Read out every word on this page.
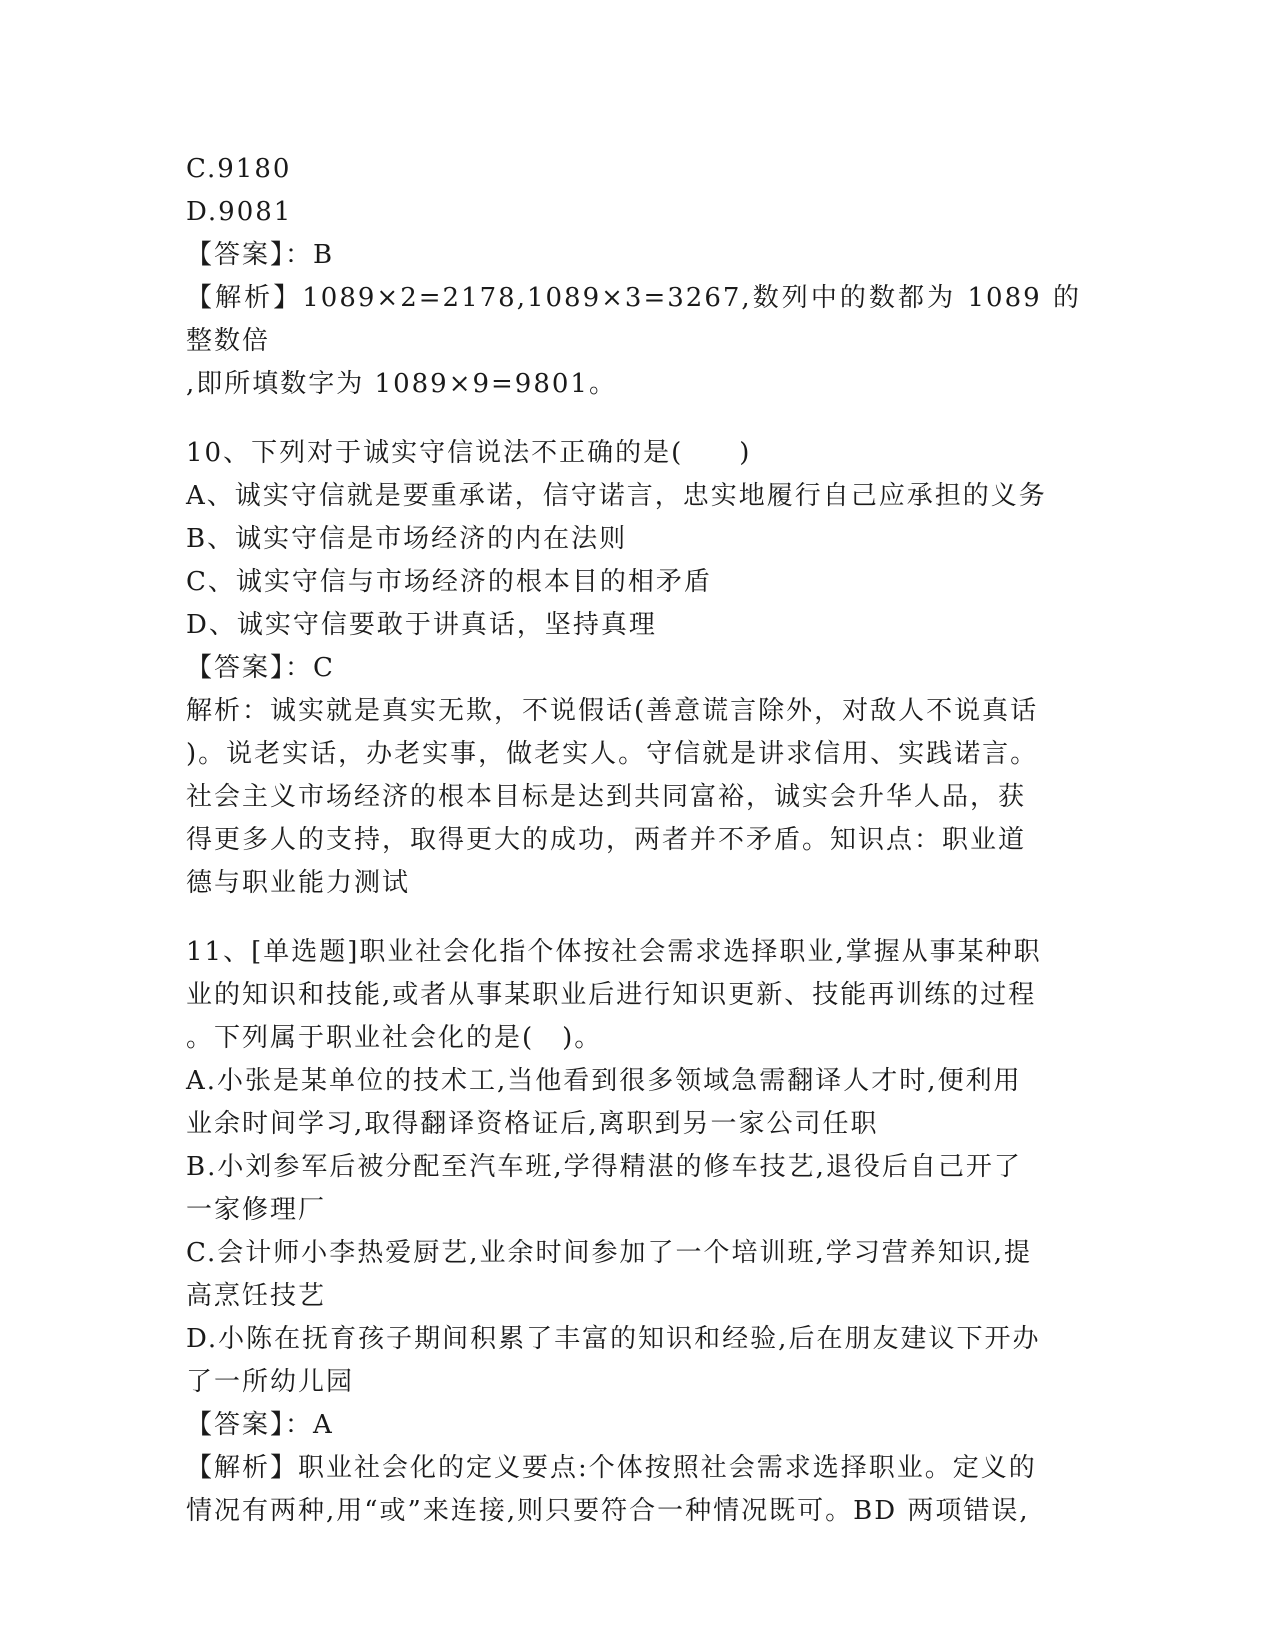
C.9180
D.9081
【答案】：B
【解析】1089×2=2178,1089×3=3267,数列中的数都为 1089 的整数倍
,即所填数字为 1089×9=9801。
10、下列对于诚实守信说法不正确的是(　　)
A、诚实守信就是要重承诺，信守诺言，忠实地履行自己应承担的义务
B、诚实守信是市场经济的内在法则
C、诚实守信与市场经济的根本目的相矛盾
D、诚实守信要敢于讲真话，坚持真理
【答案】：C
解析：诚实就是真实无欺，不说假话(善意谎言除外，对敌人不说真话
)。说老实话，办老实事，做老实人。守信就是讲求信用、实践诺言。
社会主义市场经济的根本目标是达到共同富裕，诚实会升华人品，获
得更多人的支持，取得更大的成功，两者并不矛盾。知识点：职业道
德与职业能力测试
11、[单选题]职业社会化指个体按社会需求选择职业,掌握从事某种职
业的知识和技能,或者从事某职业后进行知识更新、技能再训练的过程
。下列属于职业社会化的是(　)。
A.小张是某单位的技术工,当他看到很多领域急需翻译人才时,便利用
业余时间学习,取得翻译资格证后,离职到另一家公司任职
B.小刘参军后被分配至汽车班,学得精湛的修车技艺,退役后自己开了
一家修理厂
C.会计师小李热爱厨艺,业余时间参加了一个培训班,学习营养知识,提
高烹饪技艺
D.小陈在抚育孩子期间积累了丰富的知识和经验,后在朋友建议下开办
了一所幼儿园
【答案】：A
【解析】职业社会化的定义要点:个体按照社会需求选择职业。定义的
情况有两种,用“或”来连接,则只要符合一种情况既可。BD 两项错误,
